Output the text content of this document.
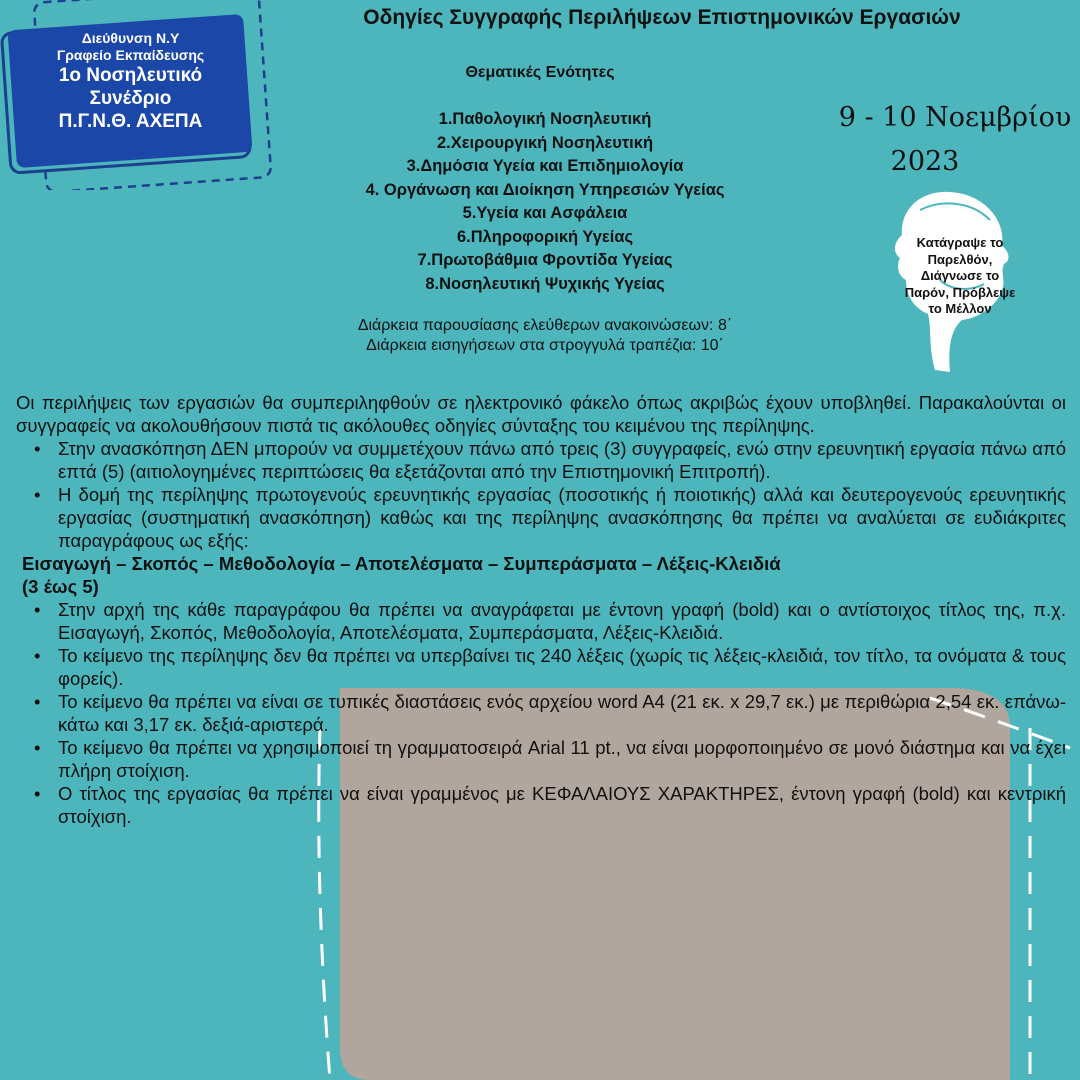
Διεύθυνση Ν.Υ
Γραφείο Εκπαίδευσης
1ο Νοσηλευτικό
Συνέδριο
Π.Γ.Ν.Θ. ΑΧΕΠΑ
Οδηγίες Συγγραφής Περιλήψεων Επιστημονικών Εργασιών
Θεματικές Ενότητες
1.Παθολογική Νοσηλευτική
2.Χειρουργική Νοσηλευτική
3.Δημόσια Υγεία και Επιδημιολογία
4. Οργάνωση και Διοίκηση Υπηρεσιών Υγείας
5.Υγεία και Ασφάλεια
6.Πληροφορική Υγείας
7.Πρωτοβάθμια Φροντίδα Υγείας
8.Νοσηλευτική Ψυχικής Υγείας
Διάρκεια παρουσίασης ελεύθερων ανακοινώσεων: 8΄
Διάρκεια εισηγήσεων στα στρογγυλά τραπέζια: 10΄
9 - 10 Νοεμβρίου
2023
Κατάγραψε το
Παρελθόν,
Διάγνωσε το
Παρόν, Πρόβλεψε
το Μέλλον

Οι περιλήψεις των εργασιών θα συμπεριληφθούν σε ηλεκτρονικό φάκελο όπως ακριβώς έχουν υποβληθεί. Παρακαλούνται οι συγγραφείς να ακολουθήσουν πιστά τις ακόλουθες οδηγίες σύνταξης του κειμένου της περίληψης.

• Στην ανασκόπηση ΔΕΝ μπορούν να συμμετέχουν πάνω από τρεις (3) συγγραφείς, ενώ στην ερευνητική εργασία πάνω από επτά (5) (αιτιολογημένες περιπτώσεις θα εξετάζονται από την Επιστημονική Επιτροπή).
• Η δομή της περίληψης πρωτογενούς ερευνητικής εργασίας (ποσοτικής ή ποιοτικής) αλλά και δευτερογενούς ερευνητικής εργασίας (συστηματική ανασκόπηση) καθώς και της περίληψης ανασκόπησης θα πρέπει να αναλύεται σε ευδιάκριτες παραγράφους ως εξής:
Εισαγωγή – Σκοπός – Μεθοδολογία – Αποτελέσματα – Συμπεράσματα – Λέξεις-Κλειδιά
(3 έως 5)
• Στην αρχή της κάθε παραγράφου θα πρέπει να αναγράφεται με έντονη γραφή (bold) και ο αντίστοιχος τίτλος της, π.χ. Εισαγωγή, Σκοπός, Μεθοδολογία, Αποτελέσματα, Συμπεράσματα, Λέξεις-Κλειδιά.
• Το κείμενο της περίληψης δεν θα πρέπει να υπερβαίνει τις 240 λέξεις (χωρίς τις λέξεις-κλειδιά, τον τίτλο, τα ονόματα & τους φορείς).
• Το κείμενο θα πρέπει να είναι σε τυπικές διαστάσεις ενός αρχείου word A4 (21 εκ. x 29,7 εκ.) με περιθώρια 2,54 εκ. επάνω-κάτω και 3,17 εκ. δεξιά-αριστερά.
• Το κείμενο θα πρέπει να χρησιμοποιεί τη γραμματοσειρά Arial 11 pt., να είναι μορφοποιημένο σε μονό διάστημα και να έχει πλήρη στοίχιση.
• Ο τίτλος της εργασίας θα πρέπει να είναι γραμμένος με ΚΕΦΑΛΑΙΟΥΣ ΧΑΡΑΚΤΗΡΕΣ, έντονη γραφή (bold) και κεντρική στοίχιση.
